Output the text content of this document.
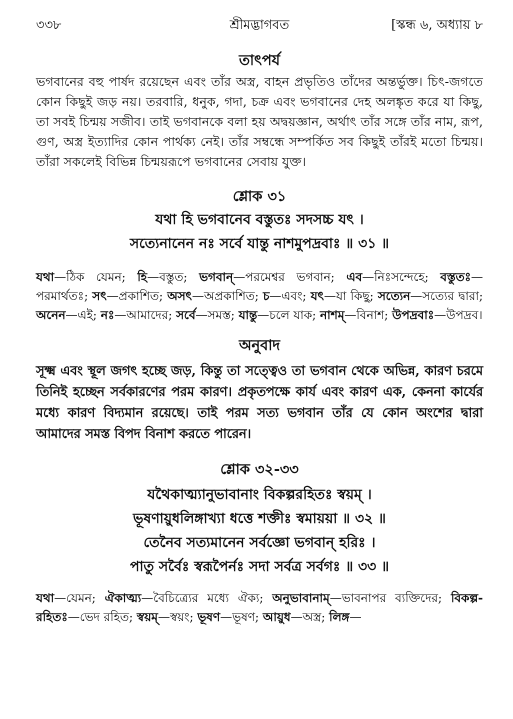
৩৩৮	শ্রীমদ্ভাগবত	[স্কন্ধ ৬, অধ্যায় ৮
তাৎপর্য
ভগবানের বহু পার্ষদ রয়েছেন এবং তাঁর অস্ত্র, বাহন প্রভৃতিও তাঁদের অন্তর্ভুক্ত। চিৎ-জগতে কোন কিছুই জড় নয়। তরবারি, ধনুক, গদা, চক্র এবং ভগবানের দেহ অলঙ্কৃত করে যা কিছু, তা সবই চিন্ময় সজীব। তাই ভগবানকে বলা হয় অদ্বয়জ্ঞান, অর্থাৎ তাঁর সঙ্গে তাঁর নাম, রূপ, গুণ, অস্ত্র ইত্যাদির কোন পার্থক্য নেই। তাঁর সম্বন্ধে সম্পর্কিত সব কিছুই তাঁরই মতো চিন্ময়। তাঁরা সকলেই বিভিন্ন চিন্ময়রূপে ভগবানের সেবায় যুক্ত।
শ্লোক ৩১
যথা হি ভগবানেব বস্তুতঃ সদসচ্চ যৎ ।
সত্যেনানেন নঃ সর্বে যান্তু নাশমুপদ্রবাঃ ॥ ৩১ ॥
যথা—ঠিক যেমন; হি—বস্তুত; ভগবান্—পরমেশ্বর ভগবান; এব—নিঃসন্দেহে; বস্তুতঃ—পরমার্থতঃ; সৎ—প্রকাশিত; অসৎ—অপ্রকাশিত; চ—এবং; যৎ—যা কিছু; সত্যেন—সত্যের দ্বারা; অনেন—এই; নঃ—আমাদের; সর্বে—সমস্ত; যান্তু—চলে যাক; নাশম্—বিনাশ; উপদ্রবাঃ—উপদ্রব।
অনুবাদ
সূক্ষ্ম এবং স্থূল জগৎ হচ্ছে জড়, কিন্তু তা সত্ত্বেও তা ভগবান থেকে অভিন্ন, কারণ চরমে তিনিই হচ্ছেন সর্বকারণের পরম কারণ। প্রকৃতপক্ষে কার্য এবং কারণ এক, কেননা কার্যের মধ্যে কারণ বিদ্যমান রয়েছে। তাই পরম সত্য ভগবান তাঁর যে কোন অংশের দ্বারা আমাদের সমস্ত বিপদ বিনাশ করতে পারেন।
শ্লোক ৩২-৩৩
যথৈকাত্ম্যানুভাবানাং বিকল্পরহিতঃ স্বয়ম্ ।
ভূষণায়ুধলিঙ্গাখ্যা ধত্তে শক্তীঃ স্বমায়য়া ॥ ৩২ ॥
তেনৈব সত্যমানেন সর্বজ্ঞো ভগবান্ হরিঃ ।
পাতু সর্বৈঃ স্বরূপৈর্নঃ সদা সর্বত্র সর্বগঃ ॥ ৩৩ ॥
যথা—যেমন; ঐকাত্ম্য—বৈচিত্র্যের মধ্যে ঐক্য; অনুভাবানাম্—ভাবনাপর ব্যক্তিদের; বিকল্প-রহিতঃ—ভেদ রহিত; স্বয়ম্—স্বয়ং; ভূষণ—ভূষণ; আয়ুধ—অস্ত্র; লিঙ্গ—
